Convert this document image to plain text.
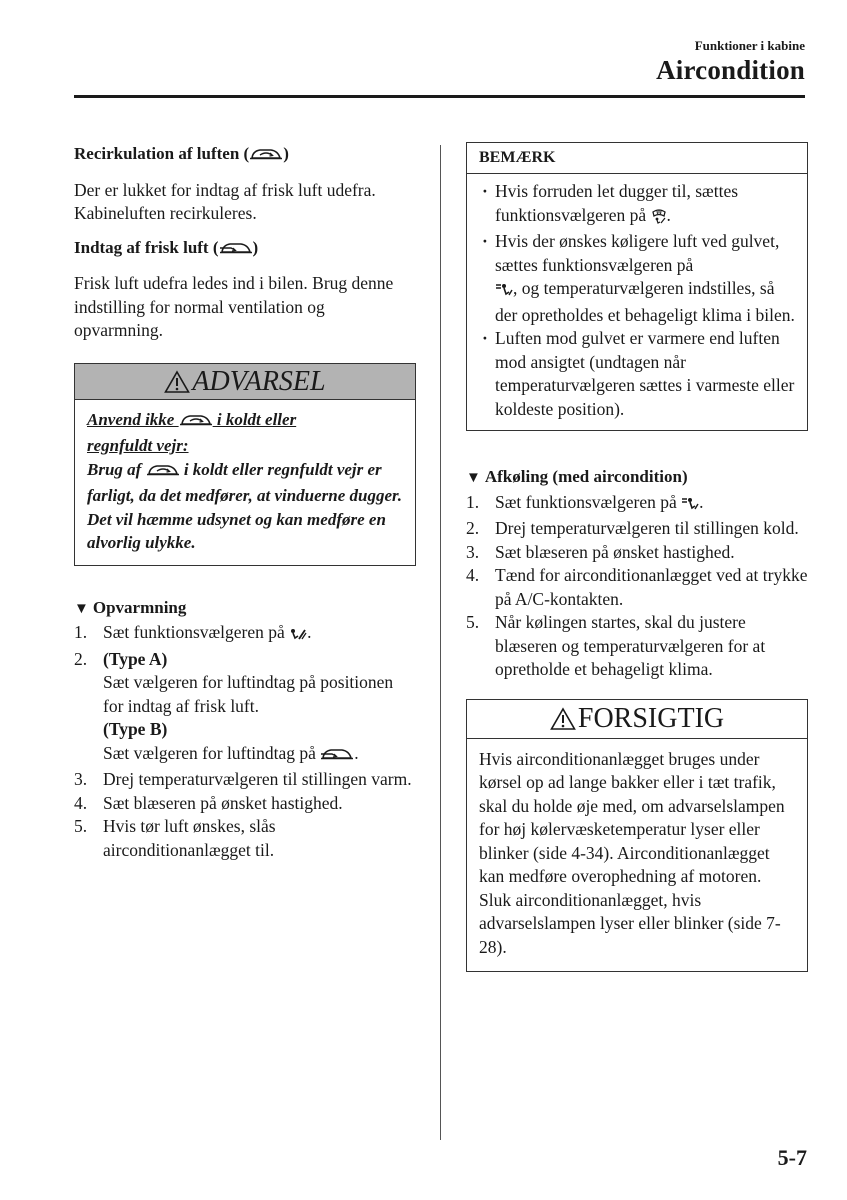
Funktioner i kabine
Aircondition

Recirkulation af luften ( )

Der er lukket for indtag af frisk luft udefra. Kabineluften recirkuleres.

Indtag af frisk luft ( )

Frisk luft udefra ledes ind i bilen. Brug denne indstilling for normal ventilation og opvarmning.

ADVARSEL
Anvend ikke  i koldt eller
regnfuldt vejr:
Brug af  i koldt eller regnfuldt vejr er farligt, da det medfører, at vinduerne dugger. Det vil hæmme udsynet og kan medføre en alvorlig ulykke.

▼ Opvarmning

1. Sæt funktionsvælgeren på .
2. (Type A)
Sæt vælgeren for luftindtag på positionen for indtag af frisk luft.
(Type B)
Sæt vælgeren for luftindtag på .
3. Drej temperaturvælgeren til stillingen varm.
4. Sæt blæseren på ønsket hastighed.
5. Hvis tør luft ønskes, slås airconditionanlægget til.
BEMÆRK
· Hvis forruden let dugger til, sættes funktionsvælgeren på .
· Hvis der ønskes køligere luft ved gulvet, sættes funktionsvælgeren på
, og temperaturvælgeren indstilles, så der opretholdes et behageligt klima i bilen.
· Luften mod gulvet er varmere end luften mod ansigtet (undtagen når temperaturvælgeren sættes i varmeste eller koldeste position).

▼ Afkøling (med aircondition)

1. Sæt funktionsvælgeren på .
2. Drej temperaturvælgeren til stillingen kold.
3. Sæt blæseren på ønsket hastighed.
4. Tænd for airconditionanlægget ved at trykke på A/C-kontakten.
5. Når kølingen startes, skal du justere blæseren og temperaturvælgeren for at opretholde et behageligt klima.
FORSIGTIG
Hvis airconditionanlægget bruges under kørsel op ad lange bakker eller i tæt trafik, skal du holde øje med, om advarselslampen for høj kølervæsketemperatur lyser eller blinker (side 4-34). Airconditionanlægget kan medføre overophedning af motoren. Sluk airconditionanlægget, hvis advarselslampen lyser eller blinker (side 7-28).
5-7
